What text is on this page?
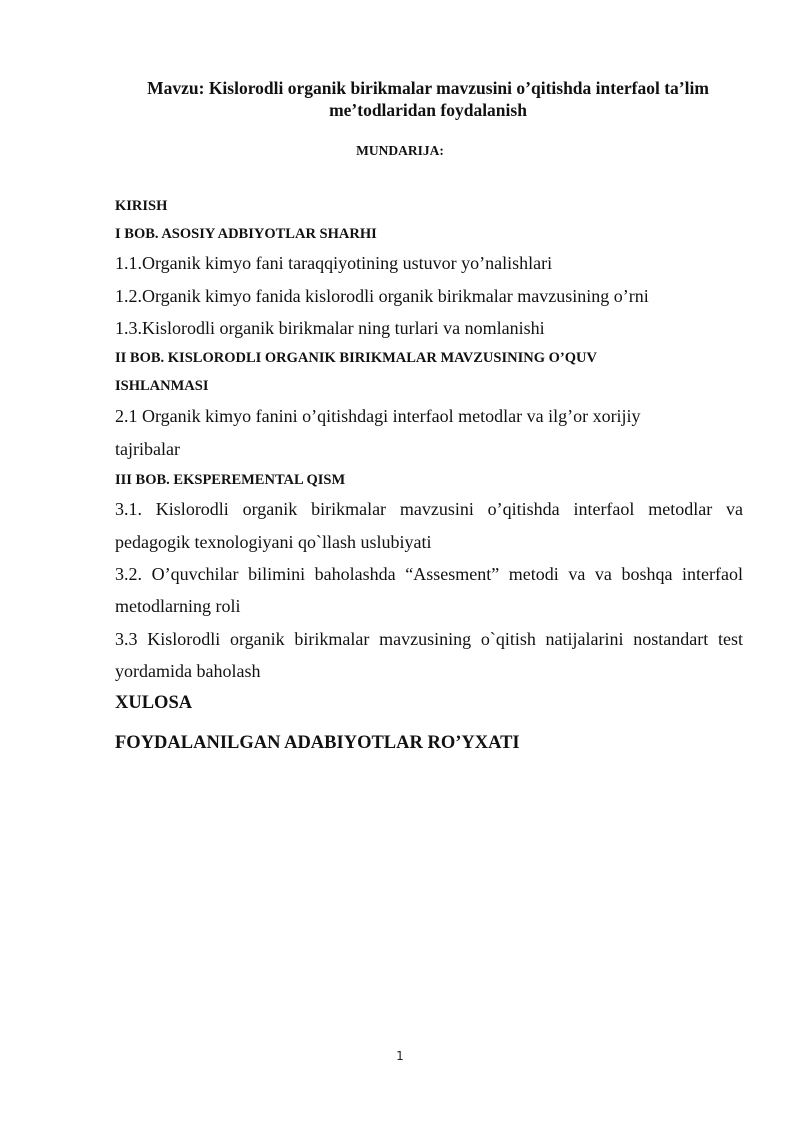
Mavzu: Kislorodli organik birikmalar mavzusini o’qitishda interfaol ta’lim me’todlaridan foydalanish
MUNDARIJA:
KIRISH
I BOB. ASOSIY ADBIYOTLAR SHARHI
1.1.Organik kimyo fani taraqqiyotining ustuvor yo’nalishlari
1.2.Organik kimyo fanida kislorodli organik birikmalar mavzusining o’rni
1.3.Kislorodli organik birikmalar ning turlari va nomlanishi
II BOB. KISLORODLI ORGANIK BIRIKMALAR MAVZUSINING O’QUV
ISHLANMASI
2.1 Organik kimyo fanini o’qitishdagi interfaol metodlar va ilg’or xorijiy
tajribalar
III BOB. EKSPEREMENTAL QISM
3.1. Kislorodli organik birikmalar mavzusini o’qitishda interfaol metodlar va
pedagogik texnologiyani qo`llash uslubiyati
3.2. O’quvchilar bilimini baholashda “Assesment” metodi va va boshqa interfaol
metodlarning roli
3.3 Kislorodli organik birikmalar mavzusining o`qitish natijalarini nostandart test
yordamida baholash
XULOSA
FOYDALANILGAN ADABIYOTLAR RO’YXATI
1
